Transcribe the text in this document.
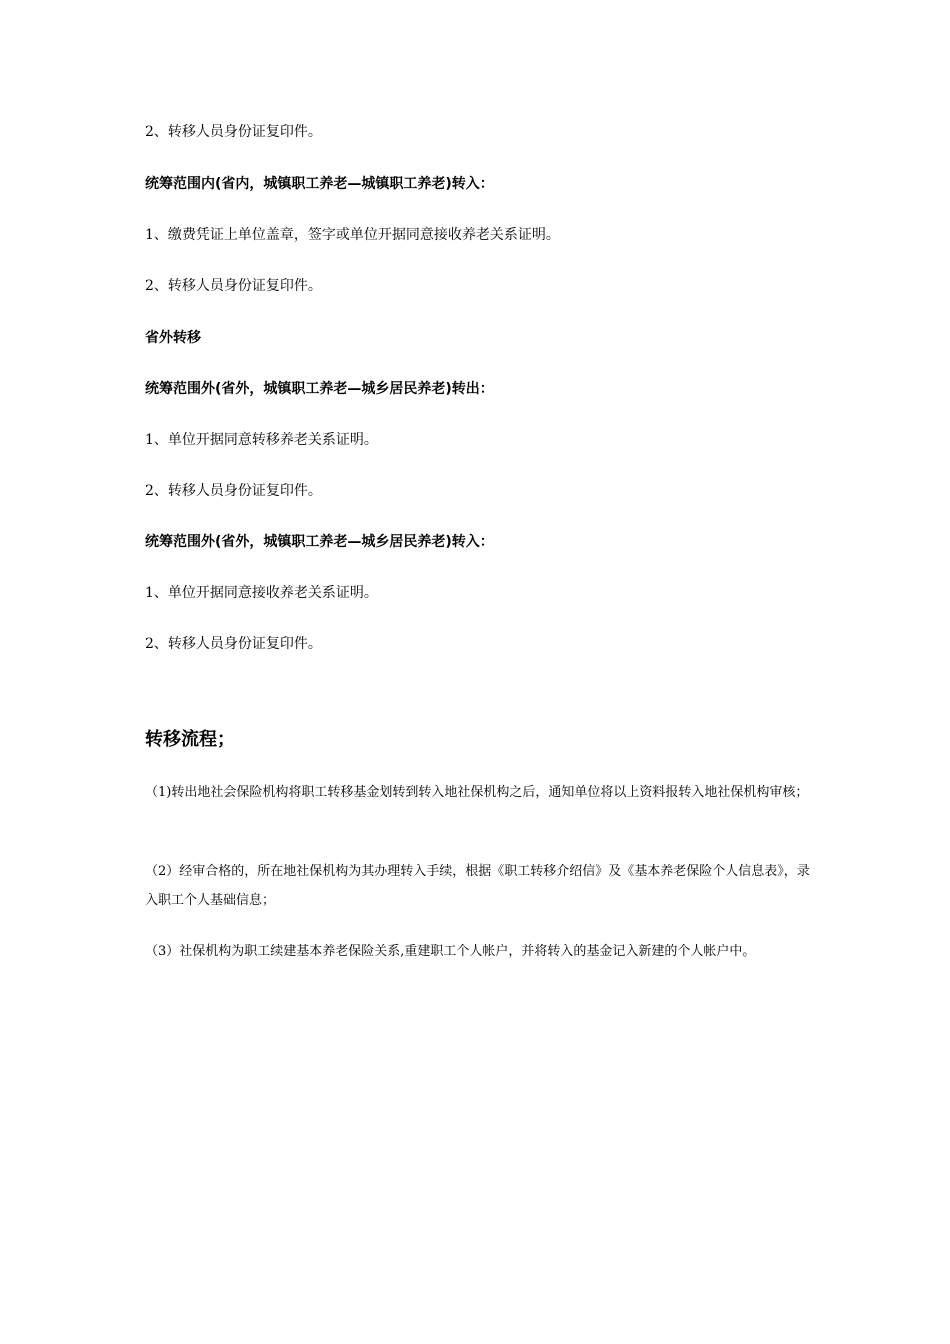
2、转移人员身份证复印件。
统筹范围内(省内，城镇职工养老—城镇职工养老)转入：
1、缴费凭证上单位盖章，签字或单位开据同意接收养老关系证明。
2、转移人员身份证复印件。
省外转移
统筹范围外(省外，城镇职工养老—城乡居民养老)转出：
1、单位开据同意转移养老关系证明。
2、转移人员身份证复印件。
统筹范围外(省外，城镇职工养老—城乡居民养老)转入：
1、单位开据同意接收养老关系证明。
2、转移人员身份证复印件。
转移流程；
（1)转出地社会保险机构将职工转移基金划转到转入地社保机构之后，通知单位将以上资料报转入地社保机构审核；
（2）经审合格的，所在地社保机构为其办理转入手续，根据《职工转移介绍信》及《基本养老保险个人信息表》，录入职工个人基础信息；
（3）社保机构为职工续建基本养老保险关系,重建职工个人帐户，并将转入的基金记入新建的个人帐户中。
